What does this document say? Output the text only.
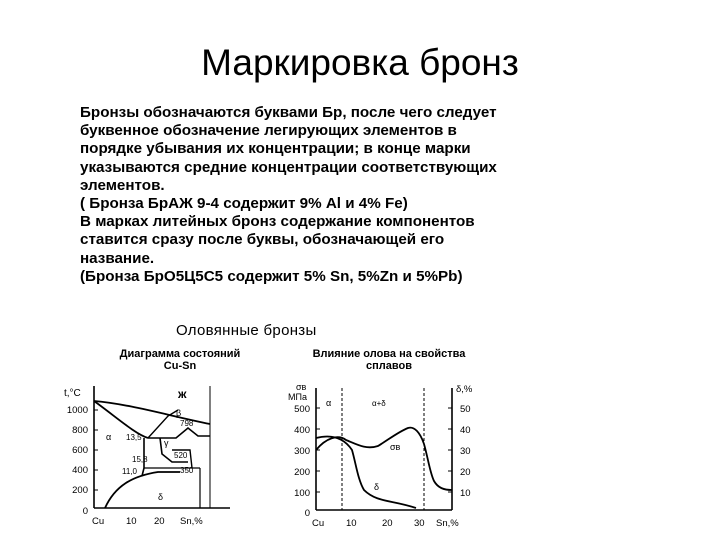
Маркировка бронз
Бронзы обозначаются буквами Бр, после чего следует
буквенное обозначение легирующих элементов в
порядке убывания их концентрации; в конце марки
указываются средние концентрации соответствующих
элементов.
( Бронза БрАЖ 9-4 содержит 9% Al и 4% Fe)
В марках литейных бронз содержание компонентов
ставится сразу после буквы, обозначающей его
название.
(Бронза БрО5Ц5С5 содержит 5% Sn, 5%Zn и 5%Pb)
Оловянные бронзы
Диаграмма состояний
Cu-Sn
t,°C
1000
800
600
400
200
0
Cu 10 20 Sn,%
ж
13,5
15,8
11,0
798
520
350
α
β
γ
δ
Влияние олова на свойства
сплавов
σв
МПа
δ,%
500
400
300
200
100
0
50
40
30
20
10
Cu 10	20 30 Sn,%
α	α+δ
σв
δ
